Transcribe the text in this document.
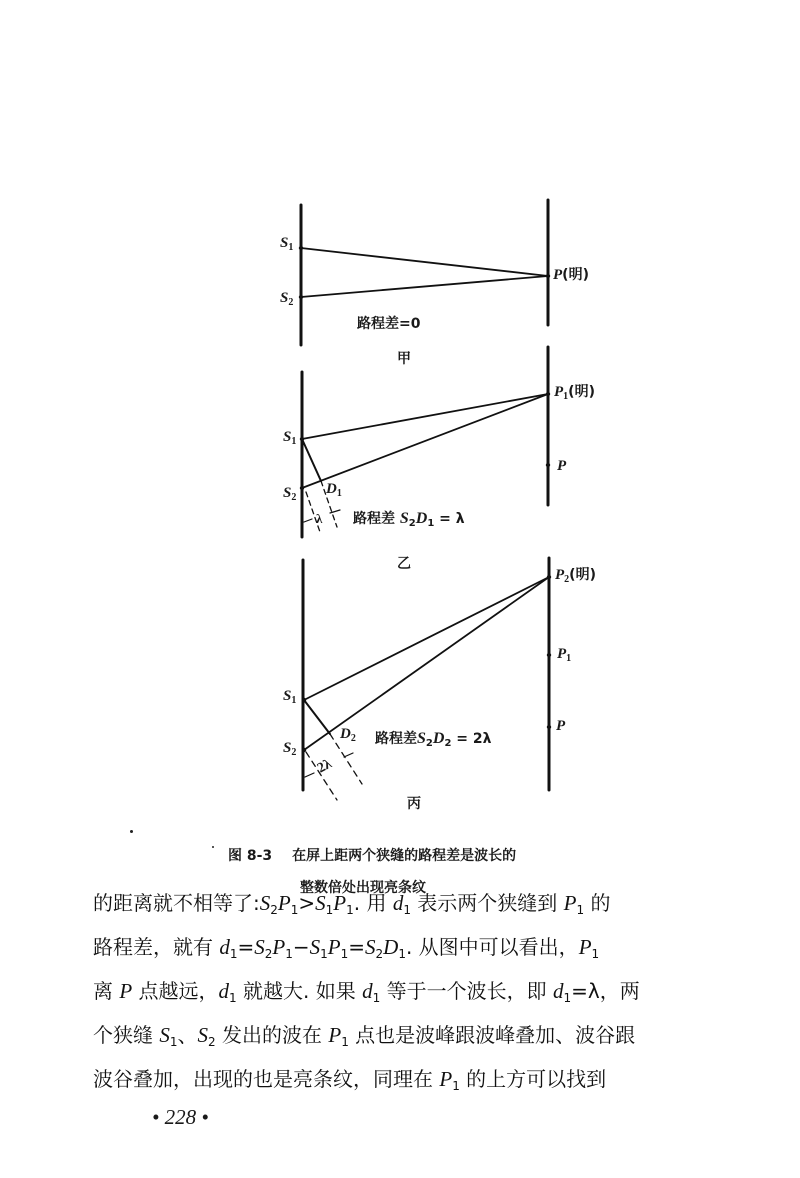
$S_1$
$S_2$
P(明)
路程差=0
甲
$S_1$
$S_2$
$P_1$(明)
P
$D_1$
λ 路程差 $S_2D_1 = \lambda$
乙
$S_1$
$S_2$
$P_2$(明)
$P_1$
P
$D_2$
2λ
路程差$S_2D_2 = 2\lambda$
丙
图 8-3 在屏上距两个狭缝的路程差是波长的
整数倍处出现亮条纹
的距离就不相等了$:S_2P_1>S_1P_1$. 用 $d_1$ 表示两个狭缝到 $P_1$ 的
路程差，就有 $d_1=S_2P_1-S_1P_1=S_2D_1$. 从图中可以看出，$P_1$
离 P 点越远，$d_1$ 就越大. 如果 $d_1$ 等于一个波长，即 $d_1=\lambda$，两
个狭缝 $S_1$、$S_2$ 发出的波在 $P_1$ 点也是波峰跟波峰叠加、波谷跟
波谷叠加，出现的也是亮条纹，同理在 $P_1$ 的上方可以找到
• 228 •
